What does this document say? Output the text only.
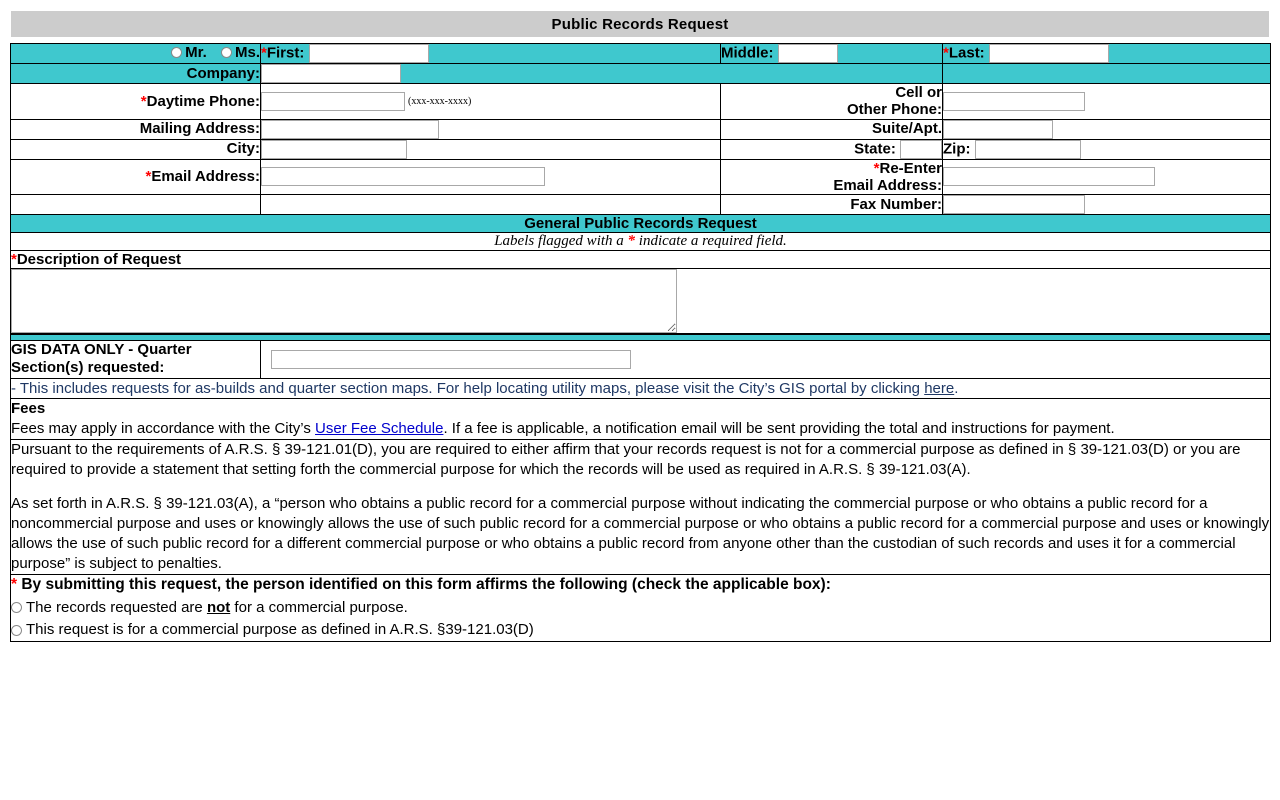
Public Records Request
Mr.
Ms.	*First:	Middle:	*Last:
Company:		
*Daytime Phone:	(xxx-xxx-xxxx)	Cell or
Other Phone:

Mailing Address:		Suite/Apt.	
City:		State:	Zip:
*Email Address:		*Re-Enter
Email Address:

		Fax Number:	
General Public Records Request			
Labels flagged with a * indicate a required field.			
*Description of Request			

GIS DATA ONLY - Quarter
Section(s) requested:	
- This includes requests for as-builds and quarter section maps. For help locating utility maps, please visit the City’s GIS portal by clicking here.			

Fees
Fees may apply in accordance with the City’s User Fee Schedule. If a fee is applicable, a notification email will be sent providing the total and instructions for payment.			

Pursuant to the requirements of A.R.S. § 39-121.01(D), you are required to either affirm that your records request is not for a commercial purpose as defined in § 39-121.03(D) or you are required to provide a statement that setting forth the commercial purpose for which the records will be used as required in A.R.S. § 39-121.03(A).

As set forth in A.R.S. § 39-121.03(A), a “person who obtains a public record for a commercial purpose without indicating the commercial purpose or who obtains a public record for a noncommercial purpose and uses or knowingly allows the use of such public record for a commercial purpose or who obtains a public record for a commercial purpose and uses or knowingly allows the use of such public record for a different commercial purpose or who obtains a public record from anyone other than the custodian of such records and uses it for a commercial purpose” is subject to penalties.			

* By submitting this request, the person identified on this form affirms the following (check the applicable box):
The records requested are not for a commercial purpose.
This request is for a commercial purpose as defined in A.R.S. §39-121.03(D)			
